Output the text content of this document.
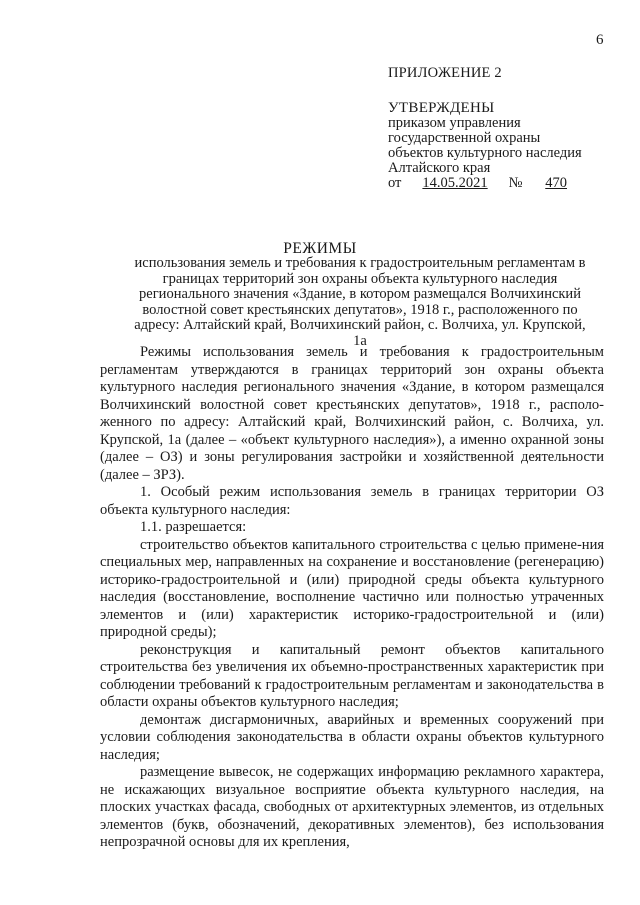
6
ПРИЛОЖЕНИЕ 2
УТВЕРЖДЕНЫ
приказом управления
государственной охраны
объектов культурного наследия
Алтайского края
от 14.05.2021 № 470
РЕЖИМЫ
использования земель и требования к градостроительным регламентам в границах территорий зон охраны объекта культурного наследия регионального значения «Здание, в котором размещался Волчихинский волостной совет крестьянских депутатов», 1918 г., расположенного по адресу: Алтайский край, Волчихинский район, с. Волчиха, ул. Крупской, 1а

Режимы использования земель и требования к градостроительным регламентам утверждаются в границах территорий зон охраны объекта культурного наследия регионального значения «Здание, в котором размещался Волчихинский волостной совет крестьянских депутатов», 1918 г., располо-женного по адресу: Алтайский край, Волчихинский район, с. Волчиха, ул. Крупской, 1а (далее – «объект культурного наследия»), а именно охранной зоны (далее – ОЗ) и зоны регулирования застройки и хозяйственной деятельности (далее – ЗРЗ).

1. Особый режим использования земель в границах территории ОЗ объекта культурного наследия:

1.1. разрешается:

строительство объектов капитального строительства с целью примене-ния специальных мер, направленных на сохранение и восстановление (регенерацию) историко-градостроительной и (или) природной среды объекта культурного наследия (восстановление, восполнение частично или полностью утраченных элементов и (или) характеристик историко-градостроительной и (или) природной среды);

реконструкция и капитальный ремонт объектов капитального строительства без увеличения их объемно-пространственных характеристик при соблюдении требований к градостроительным регламентам и законодательства в области охраны объектов культурного наследия;

демонтаж дисгармоничных, аварийных и временных сооружений при условии соблюдения законодательства в области охраны объектов культурного наследия;

размещение вывесок, не содержащих информацию рекламного характера, не искажающих визуальное восприятие объекта культурного наследия, на плоских участках фасада, свободных от архитектурных элементов, из отдельных элементов (букв, обозначений, декоративных элементов), без использования непрозрачной основы для их крепления,
